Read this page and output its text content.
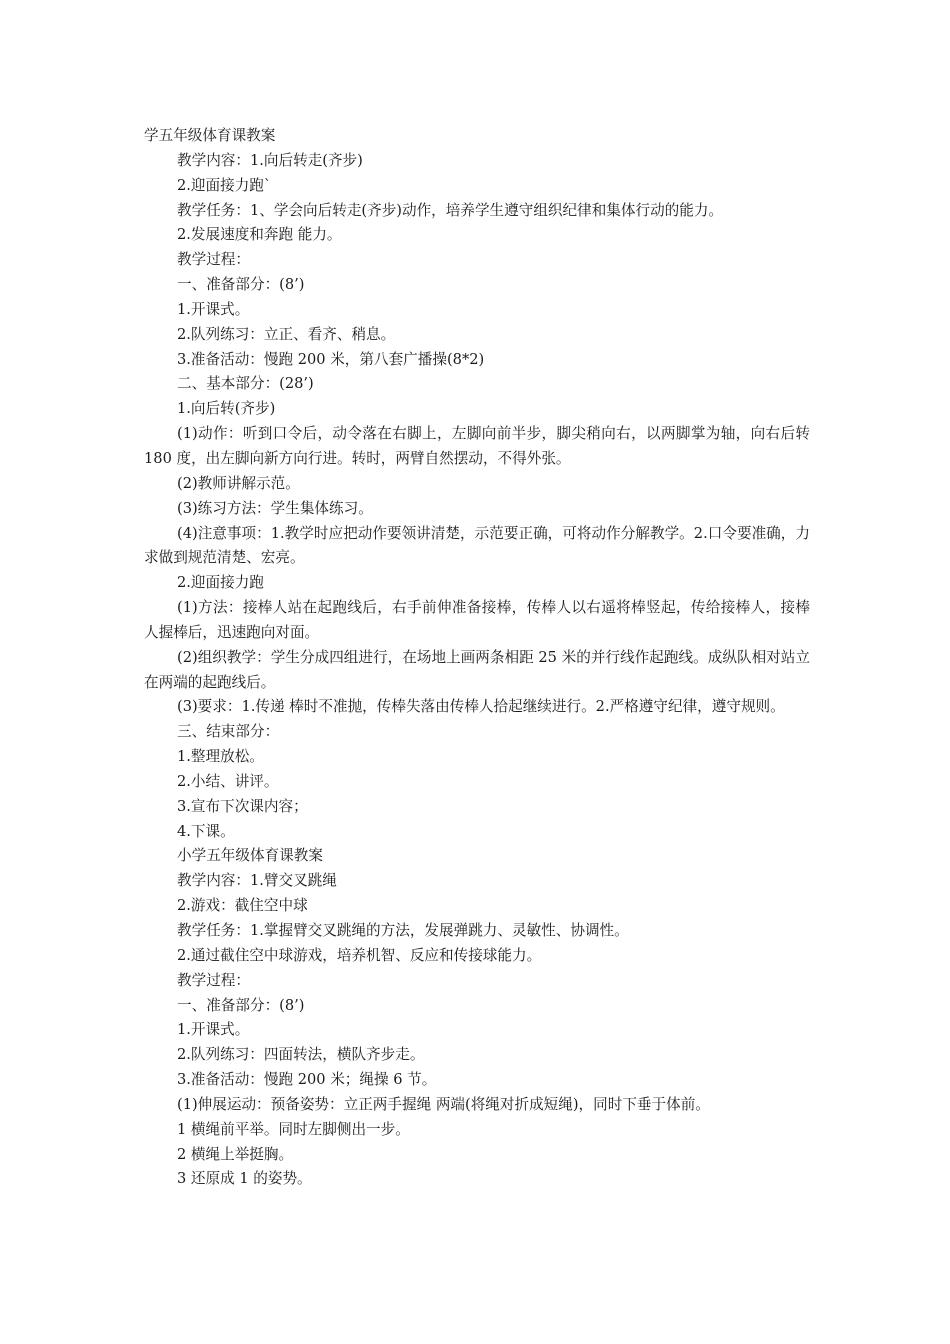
学五年级体育课教案

教学内容：1.向后转走(齐步)

2.迎面接力跑`

教学任务：1、学会向后转走(齐步)动作，培养学生遵守组织纪律和集体行动的能力。

2.发展速度和奔跑 能力。

教学过程：

一、准备部分：(8’)

1.开课式。

2.队列练习：立正、看齐、稍息。

3.准备活动：慢跑 200 米，第八套广播操(8*2)

二、基本部分：(28’)

1.向后转(齐步)

(1)动作：听到口令后，动令落在右脚上，左脚向前半步，脚尖稍向右，以两脚掌为轴，向右后转 180 度，出左脚向新方向行进。转时，两臂自然摆动，不得外张。

(2)教师讲解示范。

(3)练习方法：学生集体练习。

(4)注意事项：1.教学时应把动作要领讲清楚，示范要正确，可将动作分解教学。2.口令要准确，力求做到规范清楚、宏亮。

2.迎面接力跑

(1)方法：接棒人站在起跑线后，右手前伸准备接棒，传棒人以右遥将棒竖起，传给接棒人，接棒人握棒后，迅速跑向对面。

(2)组织教学：学生分成四组进行，在场地上画两条相距 25 米的并行线作起跑线。成纵队相对站立在两端的起跑线后。

(3)要求：1.传递 棒时不准抛，传棒失落由传棒人拾起继续进行。2.严格遵守纪律，遵守规则。

三、结束部分：

1.整理放松。

2.小结、讲评。

3.宣布下次课内容；

4.下课。

小学五年级体育课教案

教学内容：1.臂交叉跳绳

2.游戏：截住空中球

教学任务：1.掌握臂交叉跳绳的方法，发展弹跳力、灵敏性、协调性。

2.通过截住空中球游戏，培养机智、反应和传接球能力。

教学过程：

一、准备部分：(8’)

1.开课式。

2.队列练习：四面转法，横队齐步走。

3.准备活动：慢跑 200 米；绳操 6 节。

(1)伸展运动：预备姿势：立正两手握绳 两端(将绳对折成短绳)，同时下垂于体前。

1 横绳前平举。同时左脚侧出一步。

2 横绳上举挺胸。

3 还原成 1 的姿势。
